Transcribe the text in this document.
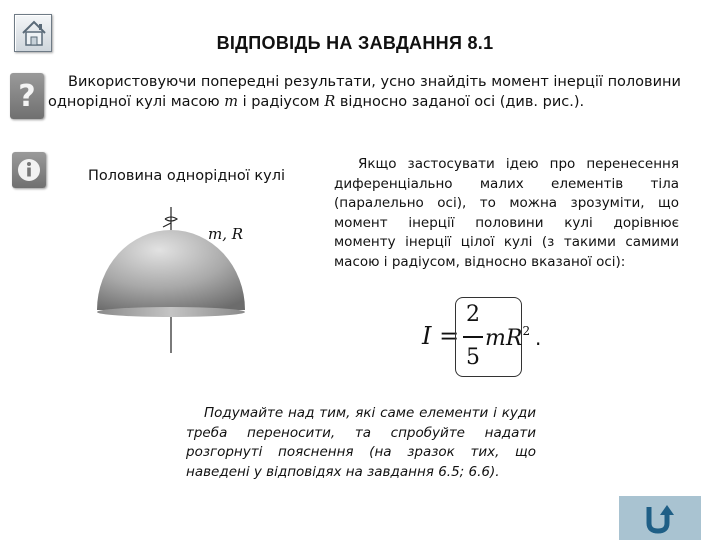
ВІДПОВІДЬ НА ЗАВДАННЯ 8.1
?	Використовуючи попередні результати, усно знайдіть момент інерції половини однорідної кулі масою m і радіусом R відносно заданої осі (див. рис.).
Половина однорідної кулі
m, R
Якщо застосувати ідею про перенесення диференціально малих елементів тіла (паралельно осі), то можна зрозуміти, що момент інерції половини кулі дорівнює моменту інерції цілої кулі (з такими самими масою і радіусом, відносно вказаної осі):
I =
2
5
$mR^2$ .
Подумайте над тим, які саме елементи і куди треба переносити, та спробуйте надати розгорнуті пояснення (на зразок тих, що наведені у відповідях на завдання 6.5; 6.6).
